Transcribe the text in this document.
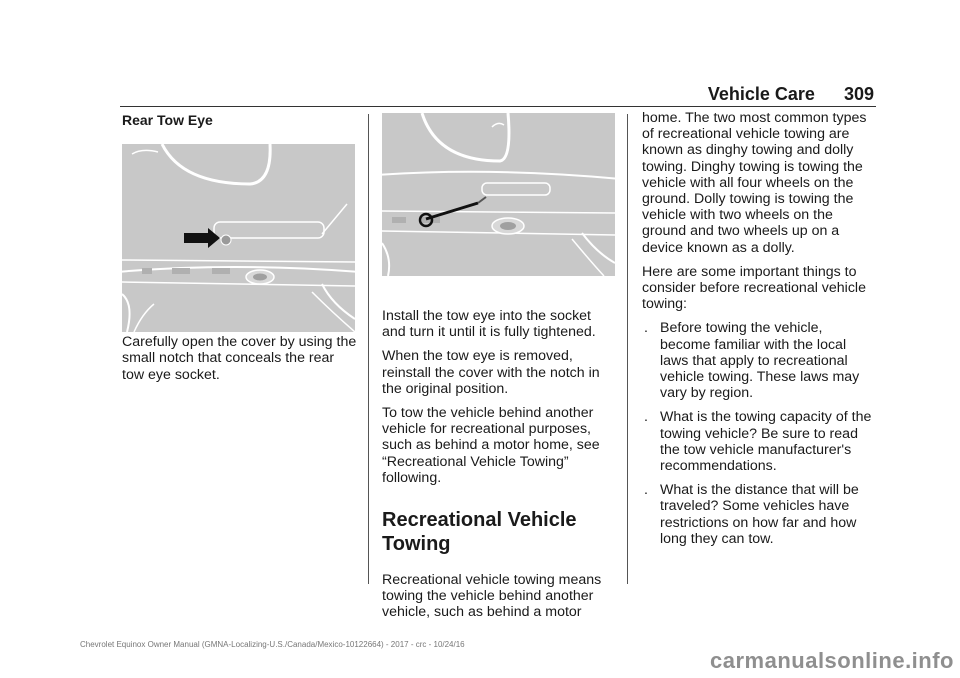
Vehicle Care 309

Rear Tow Eye

Carefully open the cover by using the small notch that conceals the rear tow eye socket.

Install the tow eye into the socket and turn it until it is fully tightened.

When the tow eye is removed, reinstall the cover with the notch in the original position.

To tow the vehicle behind another vehicle for recreational purposes, such as behind a motor home, see “Recreational Vehicle Towing” following.

Recreational Vehicle Towing

Recreational vehicle towing means towing the vehicle behind another vehicle, such as behind a motor

home. The two most common types of recreational vehicle towing are known as dinghy towing and dolly towing. Dinghy towing is towing the vehicle with all four wheels on the ground. Dolly towing is towing the vehicle with two wheels on the ground and two wheels up on a device known as a dolly.

Here are some important things to consider before recreational vehicle towing:

. Before towing the vehicle, become familiar with the local laws that apply to recreational vehicle towing. These laws may vary by region.
. What is the towing capacity of the towing vehicle? Be sure to read the tow vehicle manufacturer's recommendations.
. What is the distance that will be traveled? Some vehicles have restrictions on how far and how long they can tow.
Chevrolet Equinox Owner Manual (GMNA-Localizing-U.S./Canada/Mexico-10122664) - 2017 - crc - 10/24/16
carmanualsonline.info
